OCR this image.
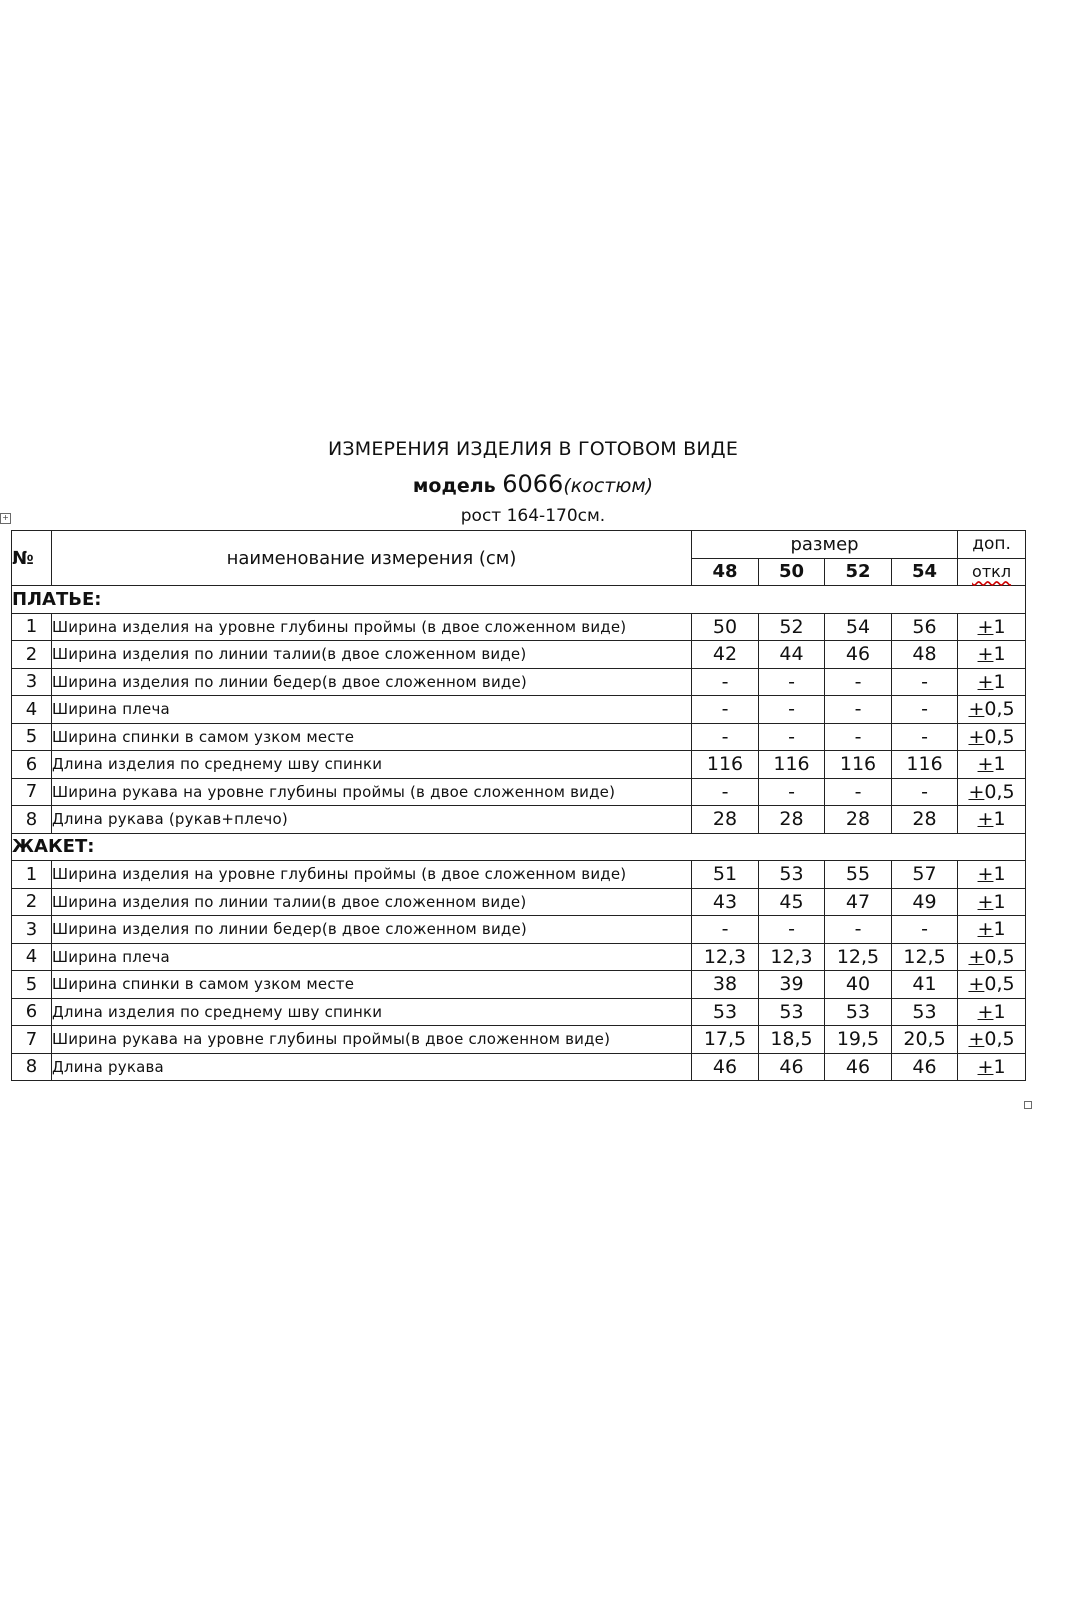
ИЗМЕРЕНИЯ ИЗДЕЛИЯ В ГОТОВОМ ВИДЕ
модель 6066(костюм)
рост 164-170см.
+
№	наименование измерения (см)	размер				доп.
		48	50	52	54	откл
ПЛАТЬЕ:						
1	Ширина изделия на уровне глубины проймы (в двое сложенном виде)	50	52	54	56	+1
2	Ширина изделия по линии талии(в двое сложенном виде)	42	44	46	48	+1
3	Ширина изделия по линии бедер(в двое сложенном виде)	-	-	-	-	+1
4	Ширина плеча	-	-	-	-	+0,5
5	Ширина спинки в самом узком месте	-	-	-	-	+0,5
6	Длина изделия по среднему шву спинки	116	116	116	116	+1
7	Ширина рукава на уровне глубины проймы (в двое сложенном виде)	-	-	-	-	+0,5
8	Длина рукава (рукав+плечо)	28	28	28	28	+1
ЖАКЕТ:						
1	Ширина изделия на уровне глубины проймы (в двое сложенном виде)	51	53	55	57	+1
2	Ширина изделия по линии талии(в двое сложенном виде)	43	45	47	49	+1
3	Ширина изделия по линии бедер(в двое сложенном виде)	-	-	-	-	+1
4	Ширина плеча	12,3	12,3	12,5	12,5	+0,5
5	Ширина спинки в самом узком месте	38	39	40	41	+0,5
6	Длина изделия по среднему шву спинки	53	53	53	53	+1
7	Ширина рукава на уровне глубины проймы(в двое сложенном виде)	17,5	18,5	19,5	20,5	+0,5
8	Длина рукава	46	46	46	46	+1
